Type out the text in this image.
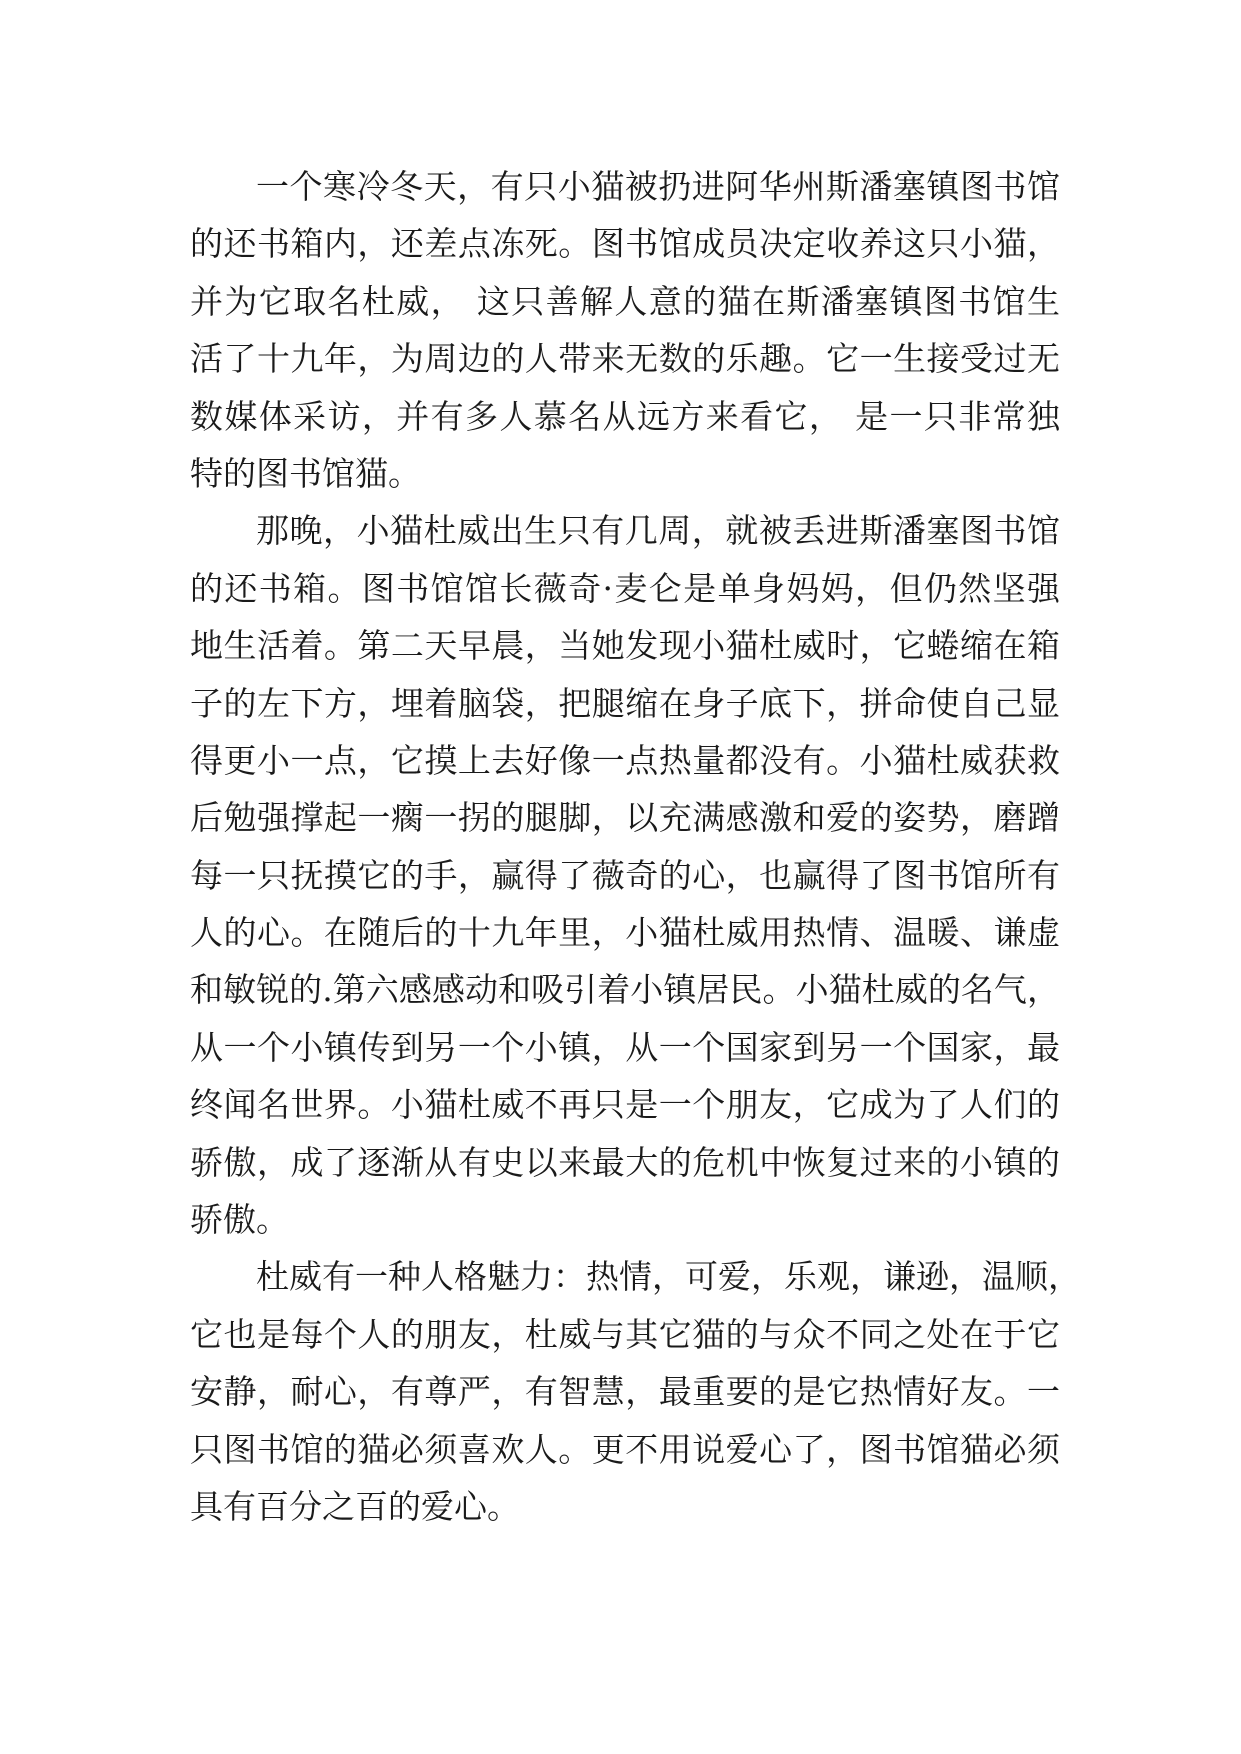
一个寒冷冬天，有只小猫被扔进阿华州斯潘塞镇图书馆
的还书箱内，还差点冻死。图书馆成员决定收养这只小猫，
并为它取名杜威， 这只善解人意的猫在斯潘塞镇图书馆生
活了十九年，为周边的人带来无数的乐趣。它一生接受过无
数媒体采访，并有多人慕名从远方来看它， 是一只非常独
特的图书馆猫。
那晚，小猫杜威出生只有几周，就被丢进斯潘塞图书馆
的还书箱。图书馆馆长薇奇·麦仑是单身妈妈，但仍然坚强
地生活着。第二天早晨，当她发现小猫杜威时，它蜷缩在箱
子的左下方，埋着脑袋，把腿缩在身子底下，拼命使自己显
得更小一点，它摸上去好像一点热量都没有。小猫杜威获救
后勉强撑起一瘸一拐的腿脚，以充满感激和爱的姿势，磨蹭
每一只抚摸它的手，赢得了薇奇的心，也赢得了图书馆所有
人的心。在随后的十九年里，小猫杜威用热情、温暖、谦虚
和敏锐的.第六感感动和吸引着小镇居民。小猫杜威的名气，
从一个小镇传到另一个小镇，从一个国家到另一个国家，最
终闻名世界。小猫杜威不再只是一个朋友，它成为了人们的
骄傲，成了逐渐从有史以来最大的危机中恢复过来的小镇的
骄傲。
杜威有一种人格魅力：热情，可爱，乐观，谦逊，温顺，
它也是每个人的朋友，杜威与其它猫的与众不同之处在于它
安静，耐心，有尊严，有智慧，最重要的是它热情好友。一
只图书馆的猫必须喜欢人。更不用说爱心了，图书馆猫必须
具有百分之百的爱心。
